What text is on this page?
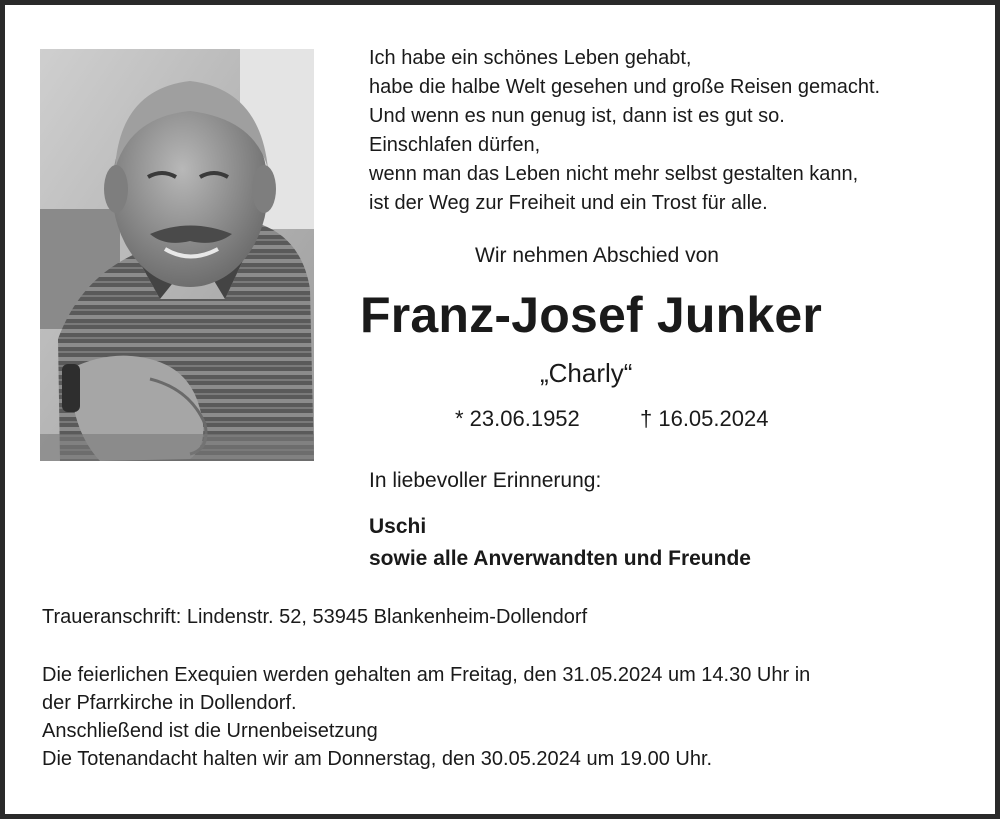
Ich habe ein schönes Leben gehabt,
habe die halbe Welt gesehen und große Reisen gemacht.
Und wenn es nun genug ist, dann ist es gut so.
Einschlafen dürfen,
wenn man das Leben nicht mehr selbst gestalten kann,
ist der Weg zur Freiheit und ein Trost für alle.
Wir nehmen Abschied von
Franz-Josef Junker
„Charly“
* 23.06.1952	† 16.05.2024
In liebevoller Erinnerung:
Uschi
sowie alle Anverwandten und Freunde
Traueranschrift: Lindenstr. 52, 53945 Blankenheim-Dollendorf
Die feierlichen Exequien werden gehalten am Freitag, den 31.05.2024 um 14.30 Uhr in
der Pfarrkirche in Dollendorf.
Anschließend ist die Urnenbeisetzung
Die Totenandacht halten wir am Donnerstag, den 30.05.2024 um 19.00 Uhr.
